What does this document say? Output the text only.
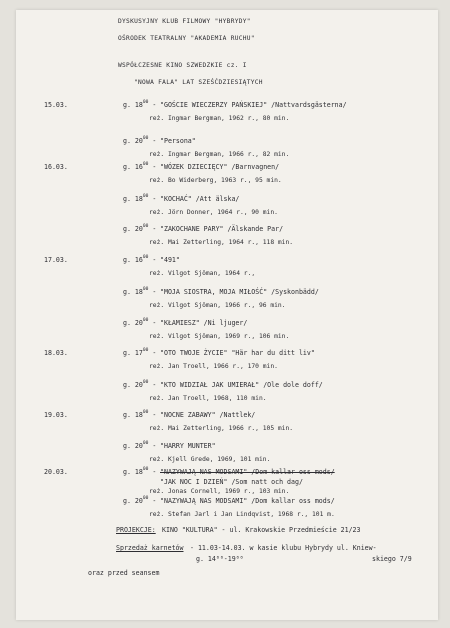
DYSKUSYJNY KLUB FILMOWY "HYBRYDY"
OŚRODEK TEATRALNY "AKADEMIA RUCHU"
WSPÓŁCZESNE KINO SZWEDZKIE cz. I
"NOWA FALA" LAT SZEŚĆDZIESIĄTYCH
15.03.	g. $18^{00}$ - "GOŚCIE WIECZERZY PAŃSKIEJ" /Nattvardsgästerna/
reż. Ingmar Bergman, 1962 r., 80 min.
g. $20^{00}$ - "Persona"
reż. Ingmar Bergman, 1966 r., 82 min.
16.03.	g. $16^{00}$ - "WÓZEK DZIECIĘCY" /Barnvagnen/
reż. Bo Widerberg, 1963 r., 95 min.
g. $18^{00}$ - "KOCHAĆ" /Att älska/
reż. Jörn Donner, 1964 r., 90 min.
g. $20^{00}$ - "ZAKOCHANE PARY" /Älskande Par/
reż. Mai Zetterling, 1964 r., 118 min.
17.03.	g. $16^{00}$ - "491"
reż. Vilgot Sjöman, 1964 r.,
g. $18^{00}$ - "MOJA SIOSTRA, MOJA MIŁOŚĆ" /Syskonbädd/
reż. Vilgot Sjöman, 1966 r., 96 min.
g. $20^{00}$ - "KŁAMIESZ" /Ni ljuger/
reż. Vilgot Sjöman, 1969 r., 106 min.
18.03.	g. $17^{00}$ - "OTO TWOJE ŻYCIE" "Här har du ditt liv"
reż. Jan Troell, 1966 r., 170 min.
g. $20^{00}$ - "KTO WIDZIAŁ JAK UMIERAŁ" /Ole dole doff/
reż. Jan Troell, 1968, 110 min.
19.03.	g. $18^{00}$ - "NOCNE ZABAWY" /Nattlek/
reż. Mai Zetterling, 1966 r., 105 min.
g. $20^{00}$ - "HARRY MUNTER"
reż. Kjell Grede, 1969, 101 min.
20.03.	g. $18^{00}$ - "NAZYWAJĄ NAS MODSAMI" /Dom kallar oss mods/
"JAK NOC I DZIEŃ" /Som natt och dag/
reż. Jonas Cornell, 1969 r., 103 min.
g. $20^{00}$ - "NAZYWAJĄ NAS MODSAMI" /Dom kallar oss mods/
reż. Stefan Jarl i Jan Lindqvist, 1968 r., 101 m.
PROJEKCJE: KINO "KULTURA" - ul. Krakowskie Przedmieście 21/23
Sprzedaż karnetów - 11.03-14.03. w kasie klubu Hybrydy ul. Kniew-
g. 14⁰⁰-19⁰⁰	skiego 7/9
oraz przed seansem
